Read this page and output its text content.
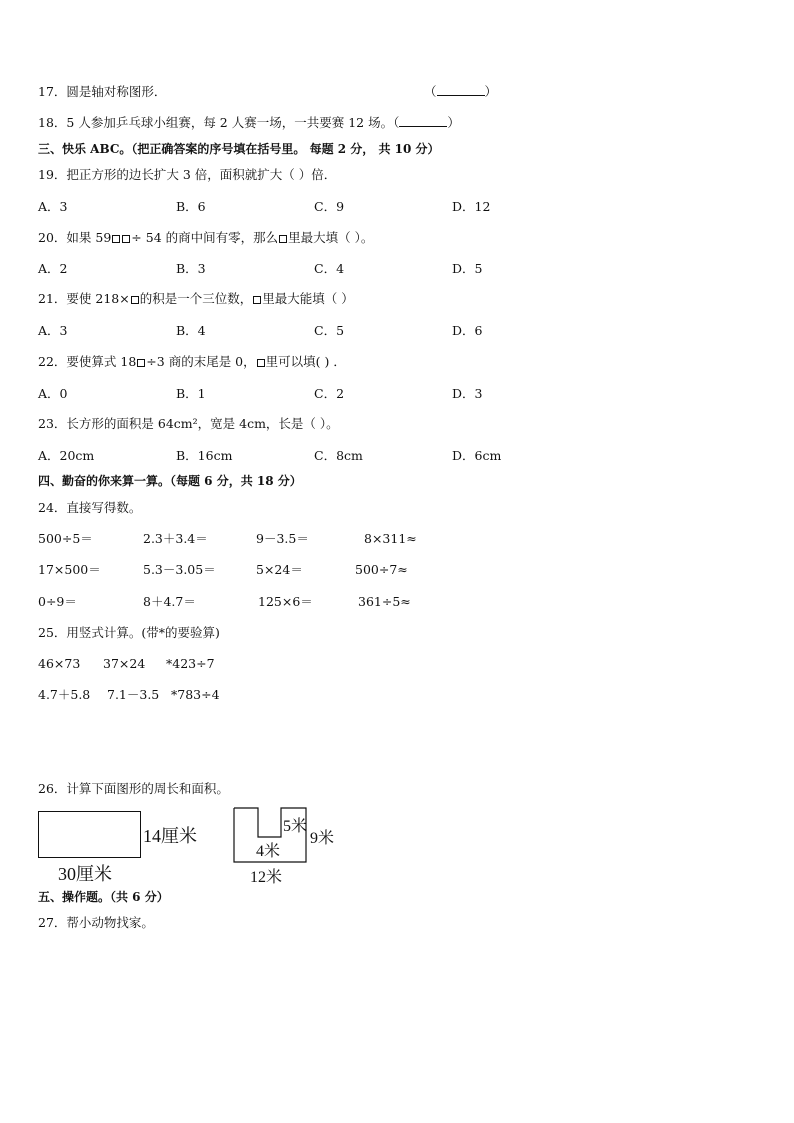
17．圆是轴对称图形．	（	）
18．5 人参加乒乓球小组赛，每 2 人赛一场，一共要赛 12 场。（	）
三、快乐 ABC。（把正确答案的序号填在括号里。 每题 2 分， 共 10 分）
19．把正方形的边长扩大 3 倍，面积就扩大（ ）倍．
A．3	B．6	C．9	D．12
20．如果 59 ÷ 54 的商中间有零，那么 里最大填（ ）。
A．2	B．3	C．4	D．5
21．要使 218× 的积是一个三位数， 里最大能填（ ）
A．3	B．4	C．5	D．6
22．要使算式 18 ÷3 商的末尾是 0， 里可以填( ) ．
A．0	B．1	C．2	D．3
23．长方形的面积是 64cm²，宽是 4cm，长是（ ）。
A．20cm	B．16cm	C．8cm	D．6cm
四、勤奋的你来算一算。（每题 6 分，共 18 分）
24．直接写得数。
500÷5＝	2.3＋3.4＝	9－3.5＝	8×311≈
17×500＝	5.3－3.05＝	5×24＝	500÷7≈
0÷9＝	8＋4.7＝	125×6＝	361÷5≈
25．用竖式计算。(带*的要验算)
46×73 37×24 *423÷7
4.7＋5.8 7.1－3.5 *783÷4
26．计算下面图形的周长和面积。
14厘米
30厘米
5米
4米
9米
12米
五、操作题。（共 6 分）
27．帮小动物找家。
